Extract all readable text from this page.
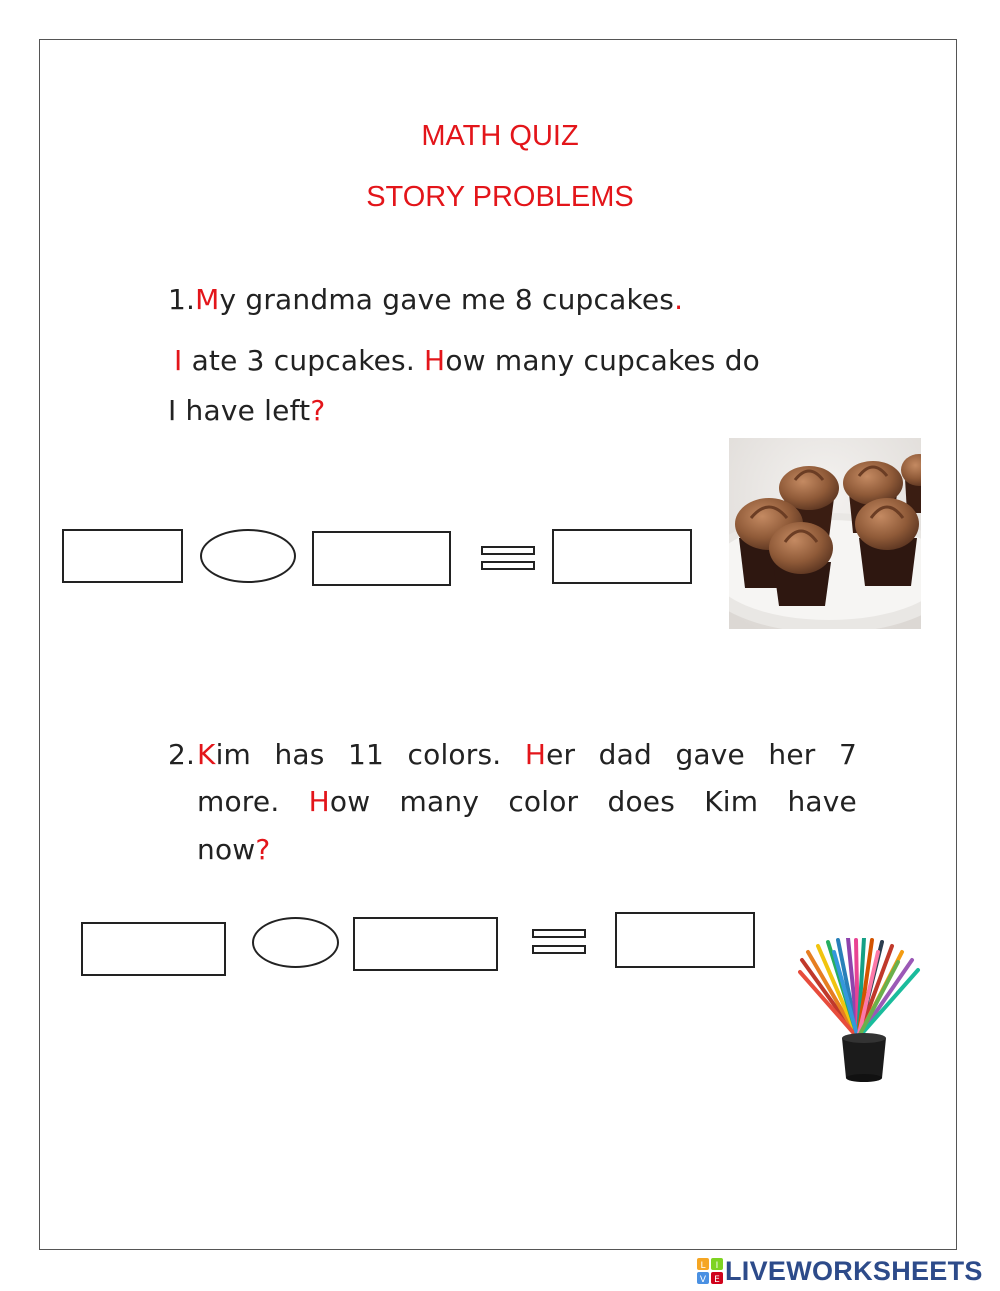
MATH QUIZ
STORY PROBLEMS
1.My grandma gave me 8 cupcakes.
I ate 3 cupcakes. How many cupcakes do
I have left?
2. Kim has 11 colors. Her dad gave her 7
more. How many color does Kim have
now?
L I
V E LIVEWORKSHEETS
